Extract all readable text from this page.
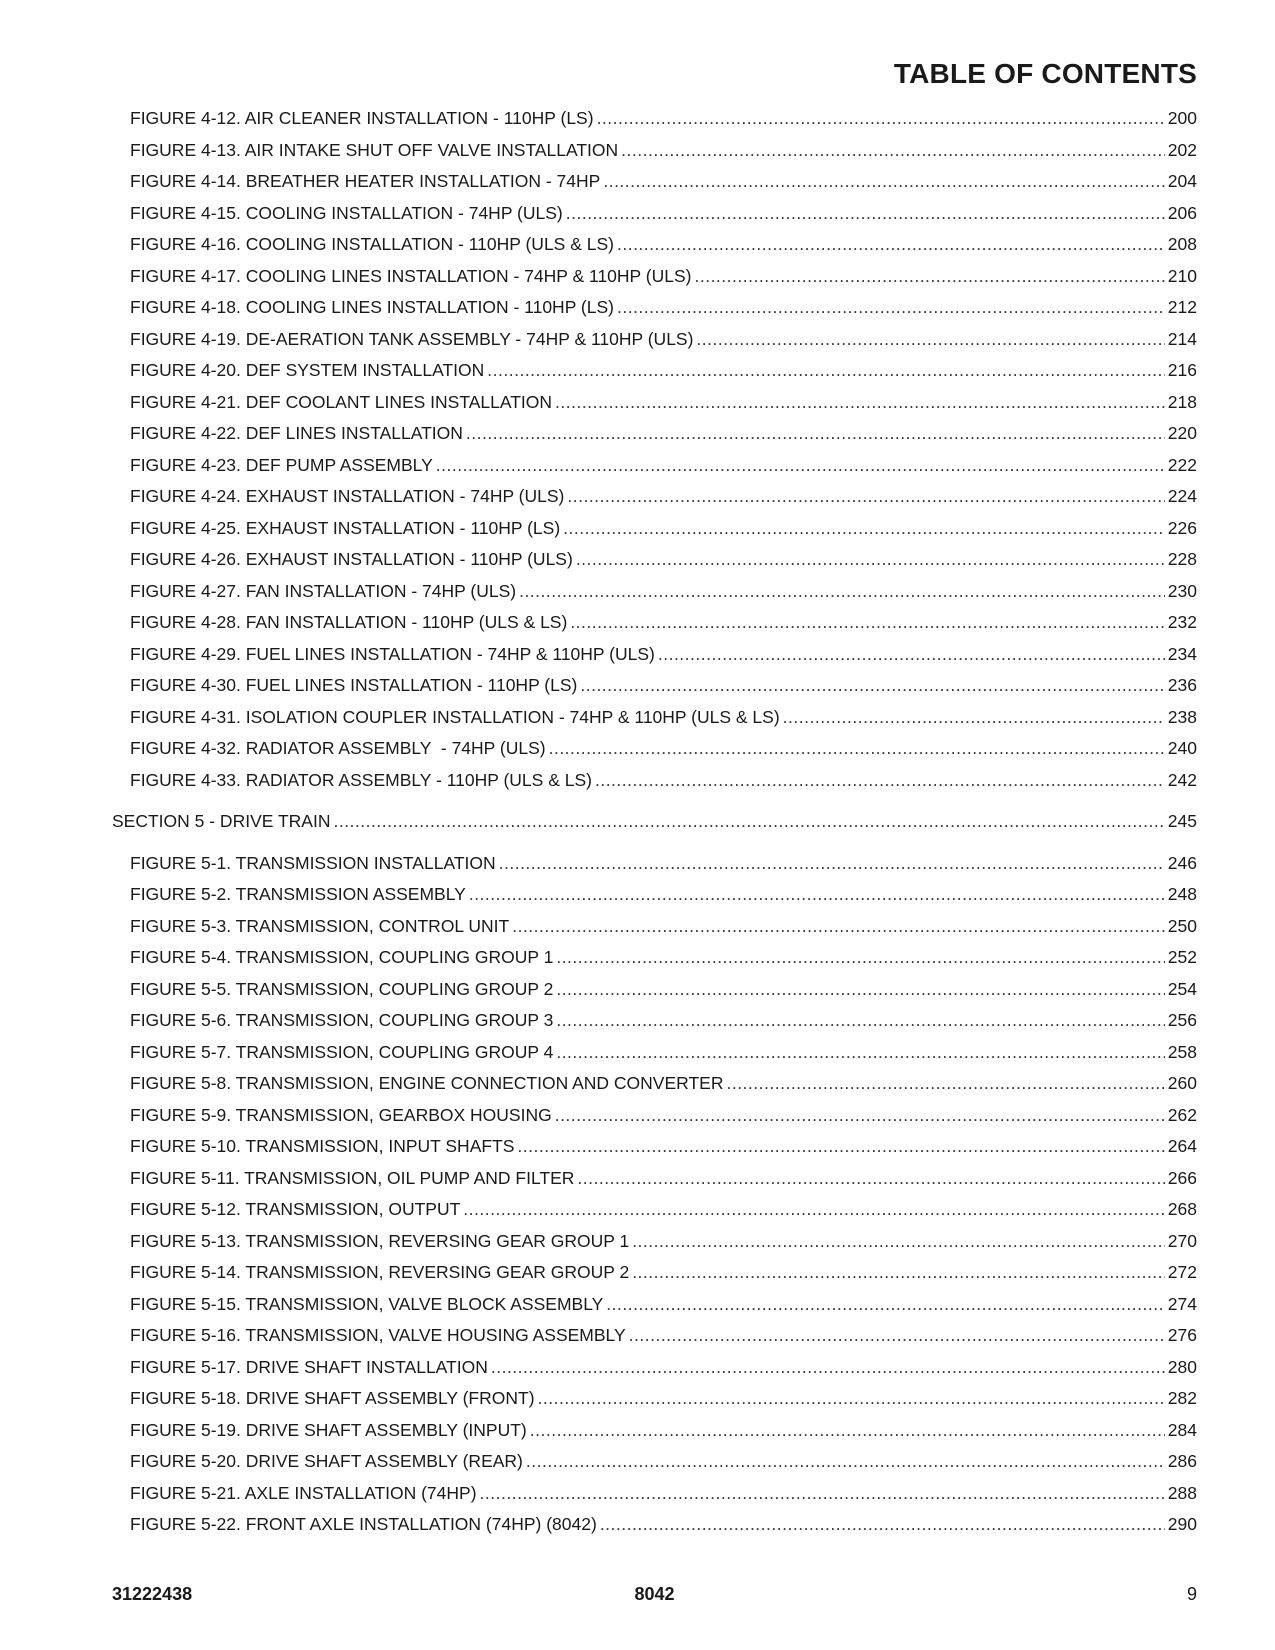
TABLE OF CONTENTS
FIGURE 4-12. AIR CLEANER INSTALLATION - 110HP (LS) .....	200
FIGURE 4-13. AIR INTAKE SHUT OFF VALVE INSTALLATION .....	202
FIGURE 4-14. BREATHER HEATER INSTALLATION - 74HP .....	204
FIGURE 4-15. COOLING INSTALLATION - 74HP (ULS) .....	206
FIGURE 4-16. COOLING INSTALLATION - 110HP (ULS & LS) .....	208
FIGURE 4-17. COOLING LINES INSTALLATION - 74HP & 110HP (ULS) .....	210
FIGURE 4-18. COOLING LINES INSTALLATION - 110HP (LS) .....	212
FIGURE 4-19. DE-AERATION TANK ASSEMBLY - 74HP & 110HP (ULS) .....	214
FIGURE 4-20. DEF SYSTEM INSTALLATION .....	216
FIGURE 4-21. DEF COOLANT LINES INSTALLATION .....	218
FIGURE 4-22. DEF LINES INSTALLATION .....	220
FIGURE 4-23. DEF PUMP ASSEMBLY .....	222
FIGURE 4-24. EXHAUST INSTALLATION - 74HP (ULS) .....	224
FIGURE 4-25. EXHAUST INSTALLATION - 110HP (LS) .....	226
FIGURE 4-26. EXHAUST INSTALLATION - 110HP (ULS) .....	228
FIGURE 4-27. FAN INSTALLATION - 74HP (ULS) .....	230
FIGURE 4-28. FAN INSTALLATION - 110HP (ULS & LS) .....	232
FIGURE 4-29. FUEL LINES INSTALLATION - 74HP & 110HP (ULS) .....	234
FIGURE 4-30. FUEL LINES INSTALLATION - 110HP (LS) .....	236
FIGURE 4-31. ISOLATION COUPLER INSTALLATION - 74HP & 110HP (ULS & LS) .....	238
FIGURE 4-32. RADIATOR ASSEMBLY  - 74HP (ULS) .....	240
FIGURE 4-33. RADIATOR ASSEMBLY - 110HP (ULS & LS) .....	242
SECTION 5 - DRIVE TRAIN .....	245
FIGURE 5-1. TRANSMISSION INSTALLATION .....	246
FIGURE 5-2. TRANSMISSION ASSEMBLY .....	248
FIGURE 5-3. TRANSMISSION, CONTROL UNIT .....	250
FIGURE 5-4. TRANSMISSION, COUPLING GROUP 1 .....	252
FIGURE 5-5. TRANSMISSION, COUPLING GROUP 2 .....	254
FIGURE 5-6. TRANSMISSION, COUPLING GROUP 3 .....	256
FIGURE 5-7. TRANSMISSION, COUPLING GROUP 4 .....	258
FIGURE 5-8. TRANSMISSION, ENGINE CONNECTION AND CONVERTER .....	260
FIGURE 5-9. TRANSMISSION, GEARBOX HOUSING .....	262
FIGURE 5-10. TRANSMISSION, INPUT SHAFTS .....	264
FIGURE 5-11. TRANSMISSION, OIL PUMP AND FILTER .....	266
FIGURE 5-12. TRANSMISSION, OUTPUT .....	268
FIGURE 5-13. TRANSMISSION, REVERSING GEAR GROUP 1 .....	270
FIGURE 5-14. TRANSMISSION, REVERSING GEAR GROUP 2 .....	272
FIGURE 5-15. TRANSMISSION, VALVE BLOCK ASSEMBLY .....	274
FIGURE 5-16. TRANSMISSION, VALVE HOUSING ASSEMBLY .....	276
FIGURE 5-17. DRIVE SHAFT INSTALLATION .....	280
FIGURE 5-18. DRIVE SHAFT ASSEMBLY (FRONT) .....	282
FIGURE 5-19. DRIVE SHAFT ASSEMBLY (INPUT) .....	284
FIGURE 5-20. DRIVE SHAFT ASSEMBLY (REAR) .....	286
FIGURE 5-21. AXLE INSTALLATION (74HP) .....	288
FIGURE 5-22. FRONT AXLE INSTALLATION (74HP) (8042) .....	290
31222438	8042	9
